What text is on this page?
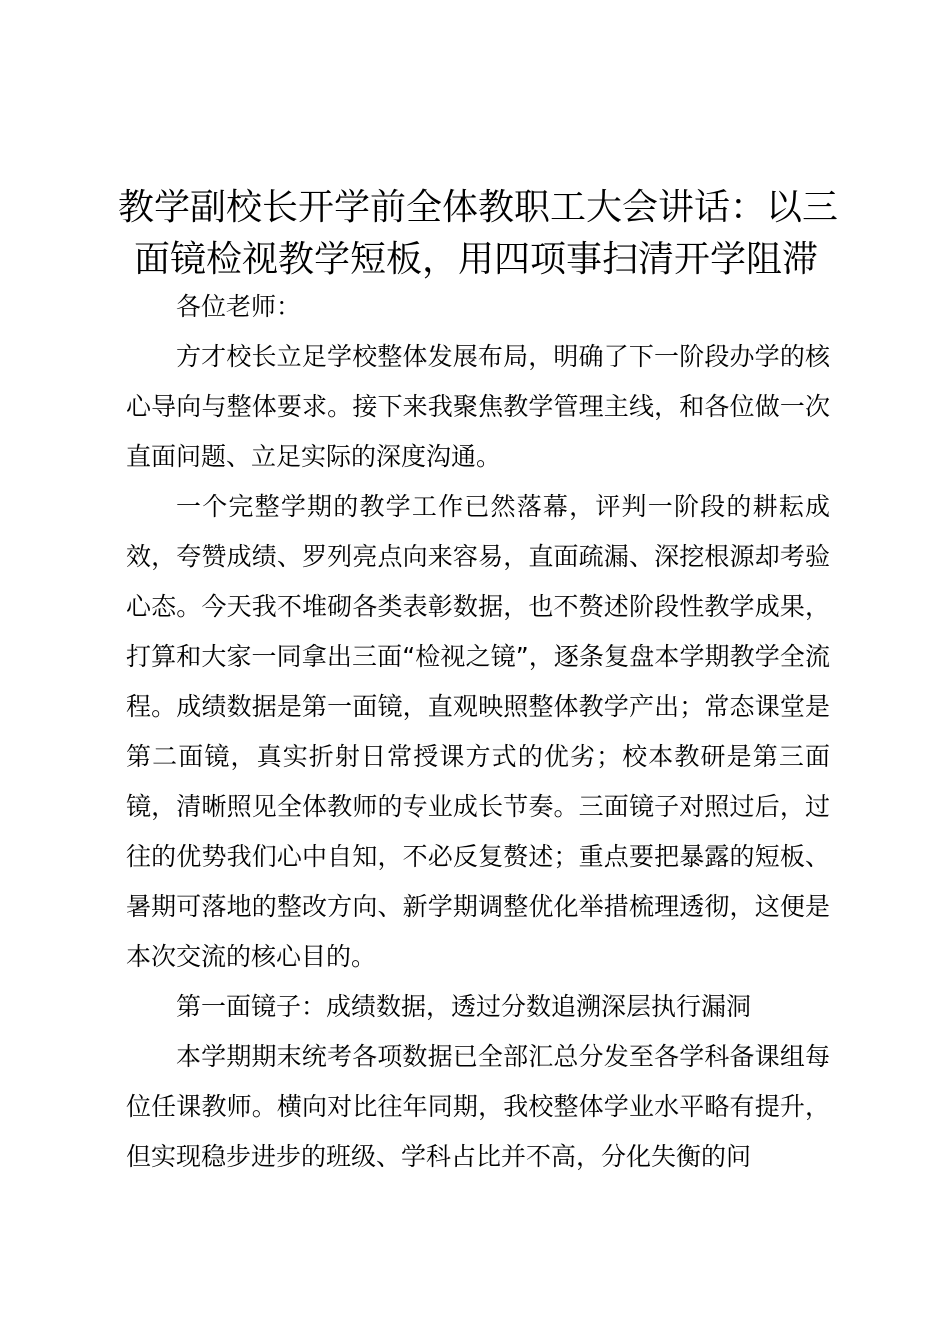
教学副校长开学前全体教职工大会讲话：以三
面镜检视教学短板，用四项事扫清开学阻滞

各位老师：

方才校长立足学校整体发展布局，明确了下一阶段办学的核心导向与整体要求。接下来我聚焦教学管理主线，和各位做一次直面问题、立足实际的深度沟通。

一个完整学期的教学工作已然落幕，评判一阶段的耕耘成效，夸赞成绩、罗列亮点向来容易，直面疏漏、深挖根源却考验心态。今天我不堆砌各类表彰数据，也不赘述阶段性教学成果，打算和大家一同拿出三面“检视之镜”，逐条复盘本学期教学全流程。成绩数据是第一面镜，直观映照整体教学产出；常态课堂是第二面镜，真实折射日常授课方式的优劣；校本教研是第三面镜，清晰照见全体教师的专业成长节奏。三面镜子对照过后，过往的优势我们心中自知，不必反复赘述；重点要把暴露的短板、暑期可落地的整改方向、新学期调整优化举措梳理透彻，这便是本次交流的核心目的。

第一面镜子：成绩数据，透过分数追溯深层执行漏洞

本学期期末统考各项数据已全部汇总分发至各学科备课组每位任课教师。横向对比往年同期，我校整体学业水平略有提升，但实现稳步进步的班级、学科占比并不高，分化失衡的问
